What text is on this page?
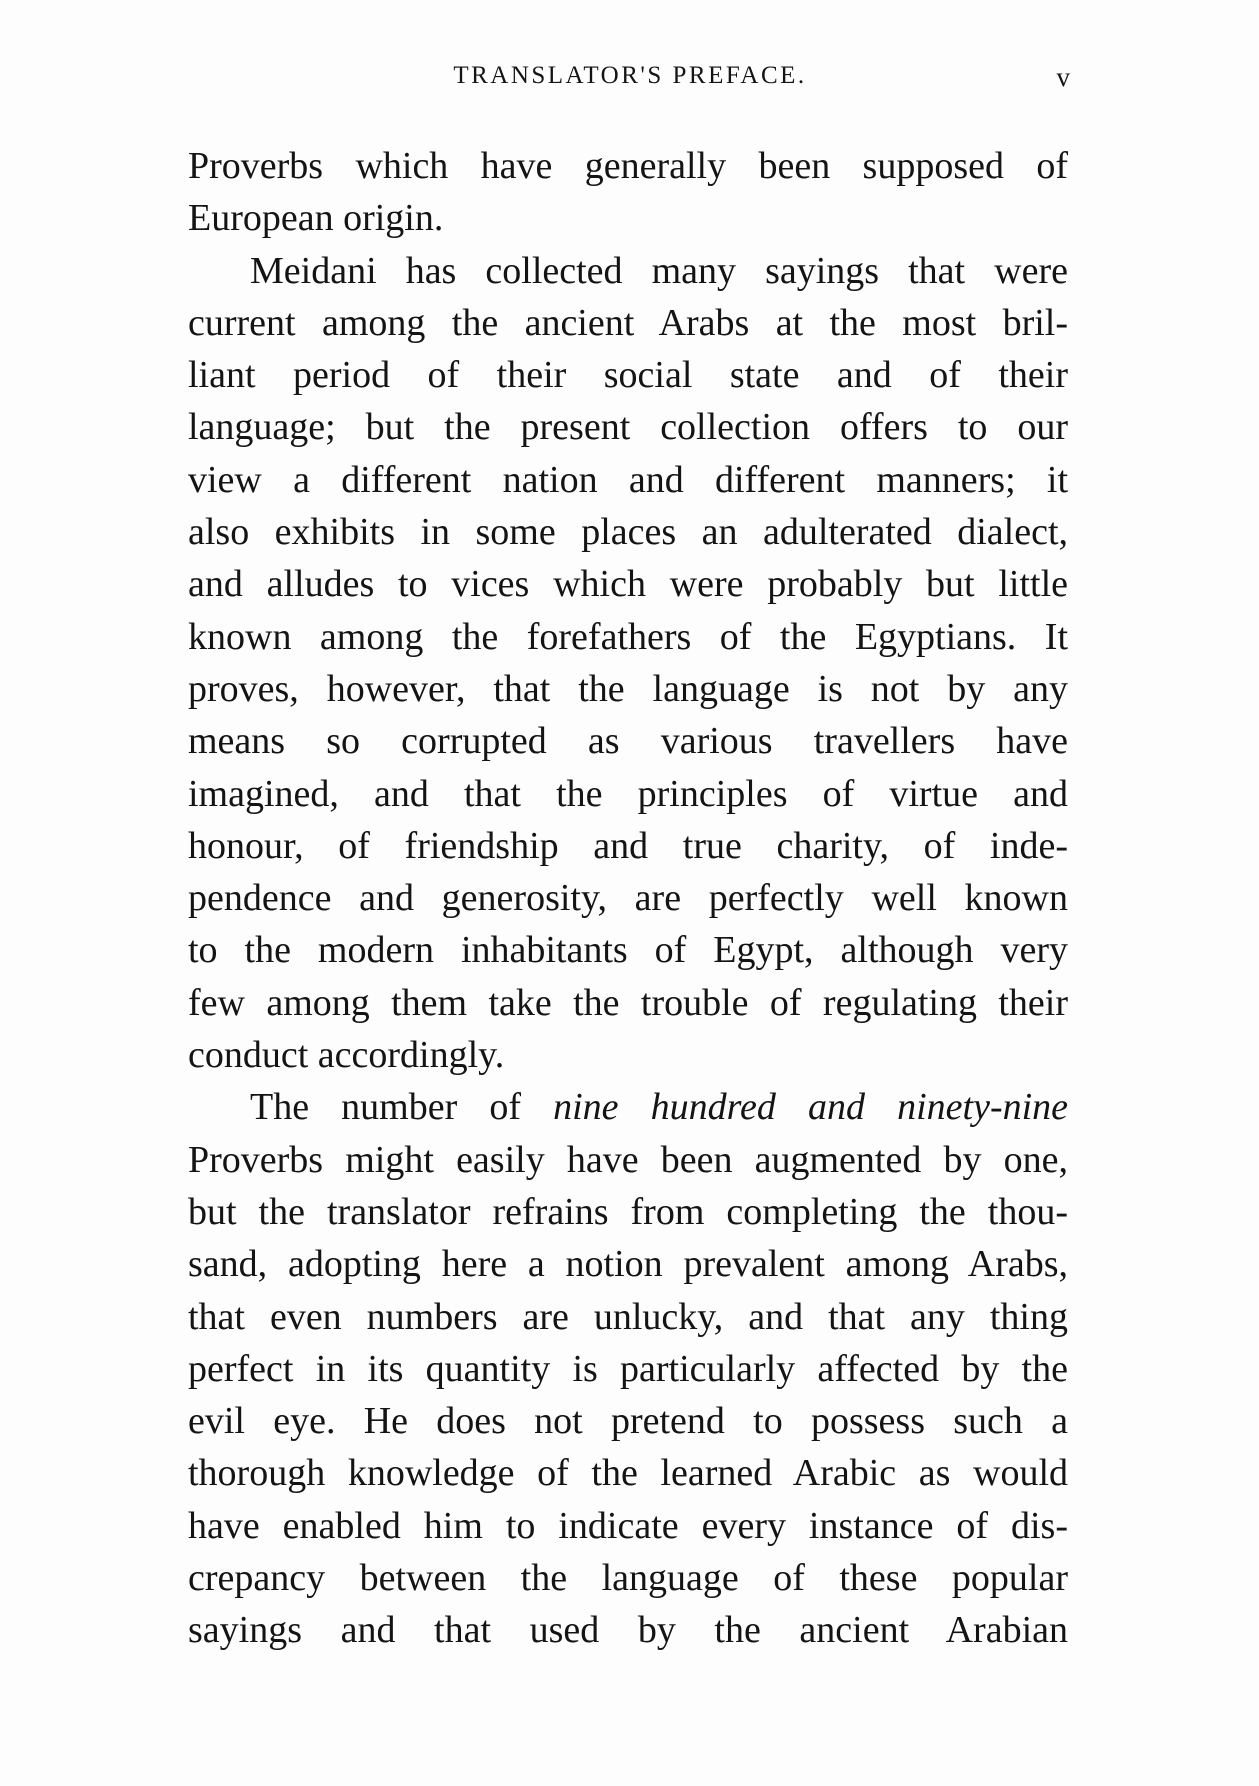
TRANSLATOR'S PREFACE.	v
Proverbs which have generally been supposed of
European origin.
Meidani has collected many sayings that were
current among the ancient Arabs at the most bril-
liant period of their social state and of their
language; but the present collection offers to our
view a different nation and different manners; it
also exhibits in some places an adulterated dialect,
and alludes to vices which were probably but little
known among the forefathers of the Egyptians. It
proves, however, that the language is not by any
means so corrupted as various travellers have
imagined, and that the principles of virtue and
honour, of friendship and true charity, of inde-
pendence and generosity, are perfectly well known
to the modern inhabitants of Egypt, although very
few among them take the trouble of regulating their
conduct accordingly.
The number of nine hundred and ninety-nine
Proverbs might easily have been augmented by one,
but the translator refrains from completing the thou-
sand, adopting here a notion prevalent among Arabs,
that even numbers are unlucky, and that any thing
perfect in its quantity is particularly affected by the
evil eye. He does not pretend to possess such a
thorough knowledge of the learned Arabic as would
have enabled him to indicate every instance of dis-
crepancy between the language of these popular
sayings and that used by the ancient Arabian
